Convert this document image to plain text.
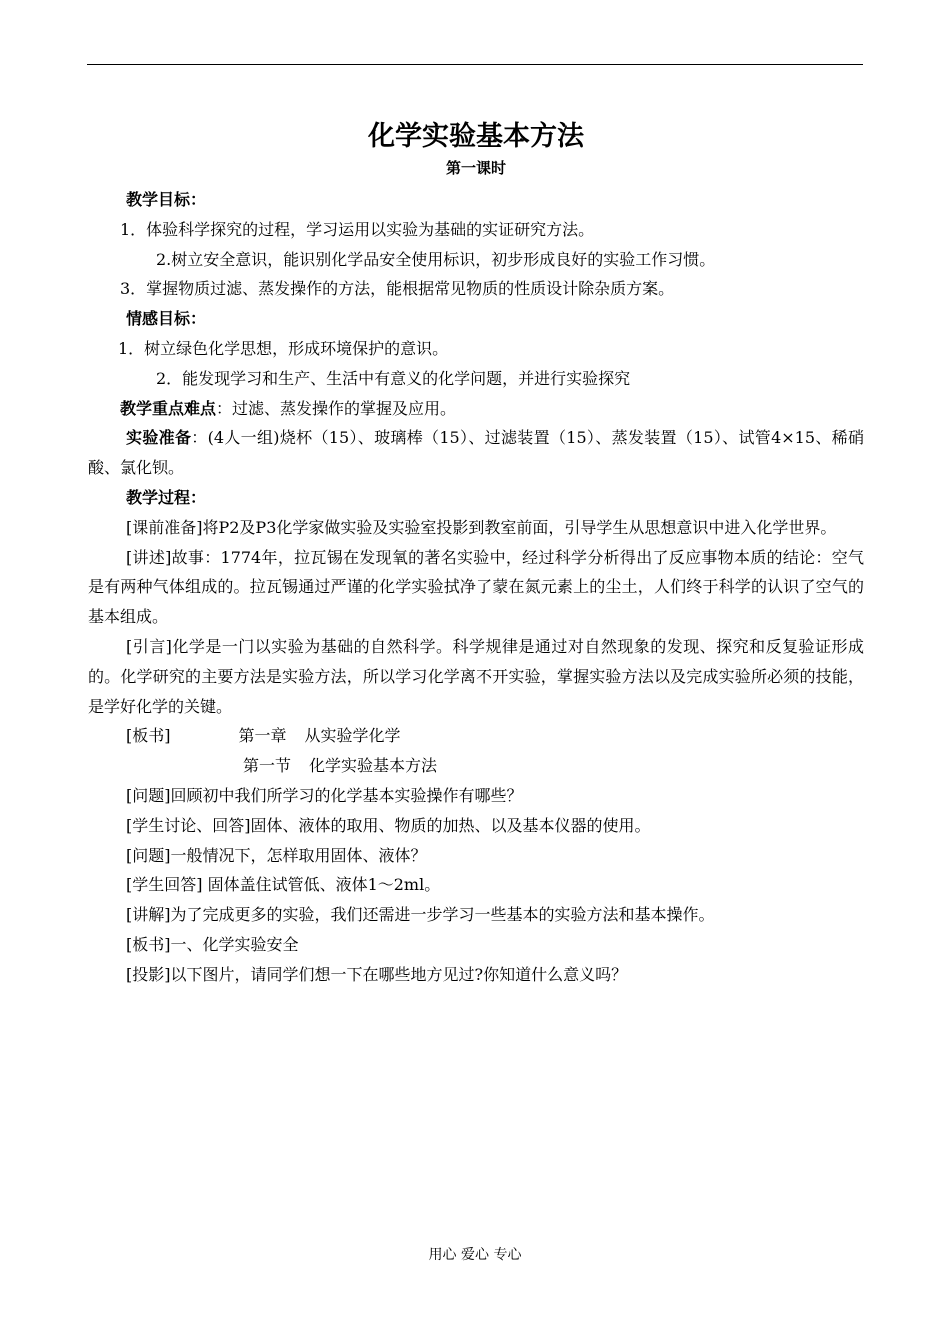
化学实验基本方法

第一课时

教学目标：

1．体验科学探究的过程，学习运用以实验为基础的实证研究方法。

2.树立安全意识，能识别化学品安全使用标识，初步形成良好的实验工作习惯。

3．掌握物质过滤、蒸发操作的方法，能根据常见物质的性质设计除杂质方案。

情感目标：

1．树立绿色化学思想，形成环境保护的意识。

2．能发现学习和生产、生活中有意义的化学问题，并进行实验探究

教学重点难点：过滤、蒸发操作的掌握及应用。

实验准备：(4人一组)烧杯（15）、玻璃棒（15）、过滤装置（15）、蒸发装置（15）、试管4×15、稀硝酸、氯化钡。

教学过程：

[课前准备]将P2及P3化学家做实验及实验室投影到教室前面，引导学生从思想意识中进入化学世界。

[讲述]故事：1774年，拉瓦锡在发现氧的著名实验中，经过科学分析得出了反应事物本质的结论：空气是有两种气体组成的。拉瓦锡通过严谨的化学实验拭净了蒙在氮元素上的尘土，人们终于科学的认识了空气的基本组成。

[引言]化学是一门以实验为基础的自然科学。科学规律是通过对自然现象的发现、探究和反复验证形成的。化学研究的主要方法是实验方法，所以学习化学离不开实验，掌握实验方法以及完成实验所必须的技能，是学好化学的关键。

[板书]	第一章 从实验学化学

第一节 化学实验基本方法

[问题]回顾初中我们所学习的化学基本实验操作有哪些？

[学生讨论、回答]固体、液体的取用、物质的加热、以及基本仪器的使用。

[问题]一般情况下，怎样取用固体、液体？

[学生回答] 固体盖住试管低、液体1～2ml。

[讲解]为了完成更多的实验，我们还需进一步学习一些基本的实验方法和基本操作。

[板书]一、化学实验安全

[投影]以下图片，请同学们想一下在哪些地方见过?你知道什么意义吗？

用心 爱心 专心
